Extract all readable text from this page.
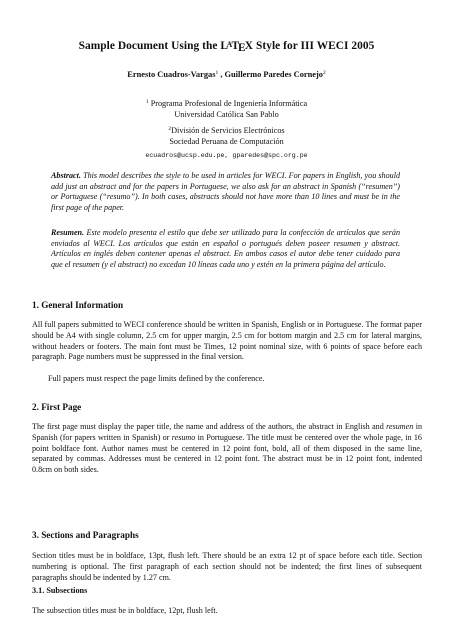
Sample Document Using the $L^ATEX$ Style for III WECI 2005
Ernesto Cuadros-Vargas$^1$ , Guillermo Paredes Cornejo$^2$
$^1$ Programa Profesional de Ingeniería Informática
Universidad Católica San Pablo
$^2$División de Servicios Electrónicos
Sociedad Peruana de Computación
ecuadros@ucsp.edu.pe, gparedes@spc.org.pe

Abstract. This model describes the style to be used in articles for WECI. For papers in English, you should add just an abstract and for the papers in Portuguese, we also ask for an abstract in Spanish (“resumen”) or Portuguese (“resumo”). In both cases, abstracts should not have more than 10 lines and must be in the first page of the paper.

Resumen. Este modelo presenta el estilo que debe ser utilizado para la confección de artículos que serán enviados al WECI. Los artículos que están en español o portugués deben poseer resumen y abstract. Artículos en inglés deben contener apenas el abstract. En ambos casos el autor debe tener cuidado para que el resumen (y el abstract) no excedan 10 líneas cada uno y estén en la primera página del artículo.

1. General Information

All full papers submitted to WECI conference should be written in Spanish, English or in Portuguese. The format paper should be A4 with single column, 2.5 cm for upper margin, 2.5 cm for bottom margin and 2.5 cm for lateral margins, without headers or footers. The main font must be Times, 12 point nominal size, with 6 points of space before each paragraph. Page numbers must be suppressed in the final version.

Full papers must respect the page limits defined by the conference.

2. First Page

The first page must display the paper title, the name and address of the authors, the abstract in English and resumen in Spanish (for papers written in Spanish) or resumo in Portuguese. The title must be centered over the whole page, in 16 point boldface font. Author names must be centered in 12 point font, bold, all of them disposed in the same line, separated by commas. Addresses must be centered in 12 point font. The abstract must be in 12 point font, indented 0.8cm on both sides.

3. Sections and Paragraphs

Section titles must be in boldface, 13pt, flush left. There should be an extra 12 pt of space before each title. Section numbering is optional. The first paragraph of each section should not be indented; the first lines of subsequent paragraphs should be indented by 1.27 cm.

3.1. Subsections

The subsection titles must be in boldface, 12pt, flush left.
